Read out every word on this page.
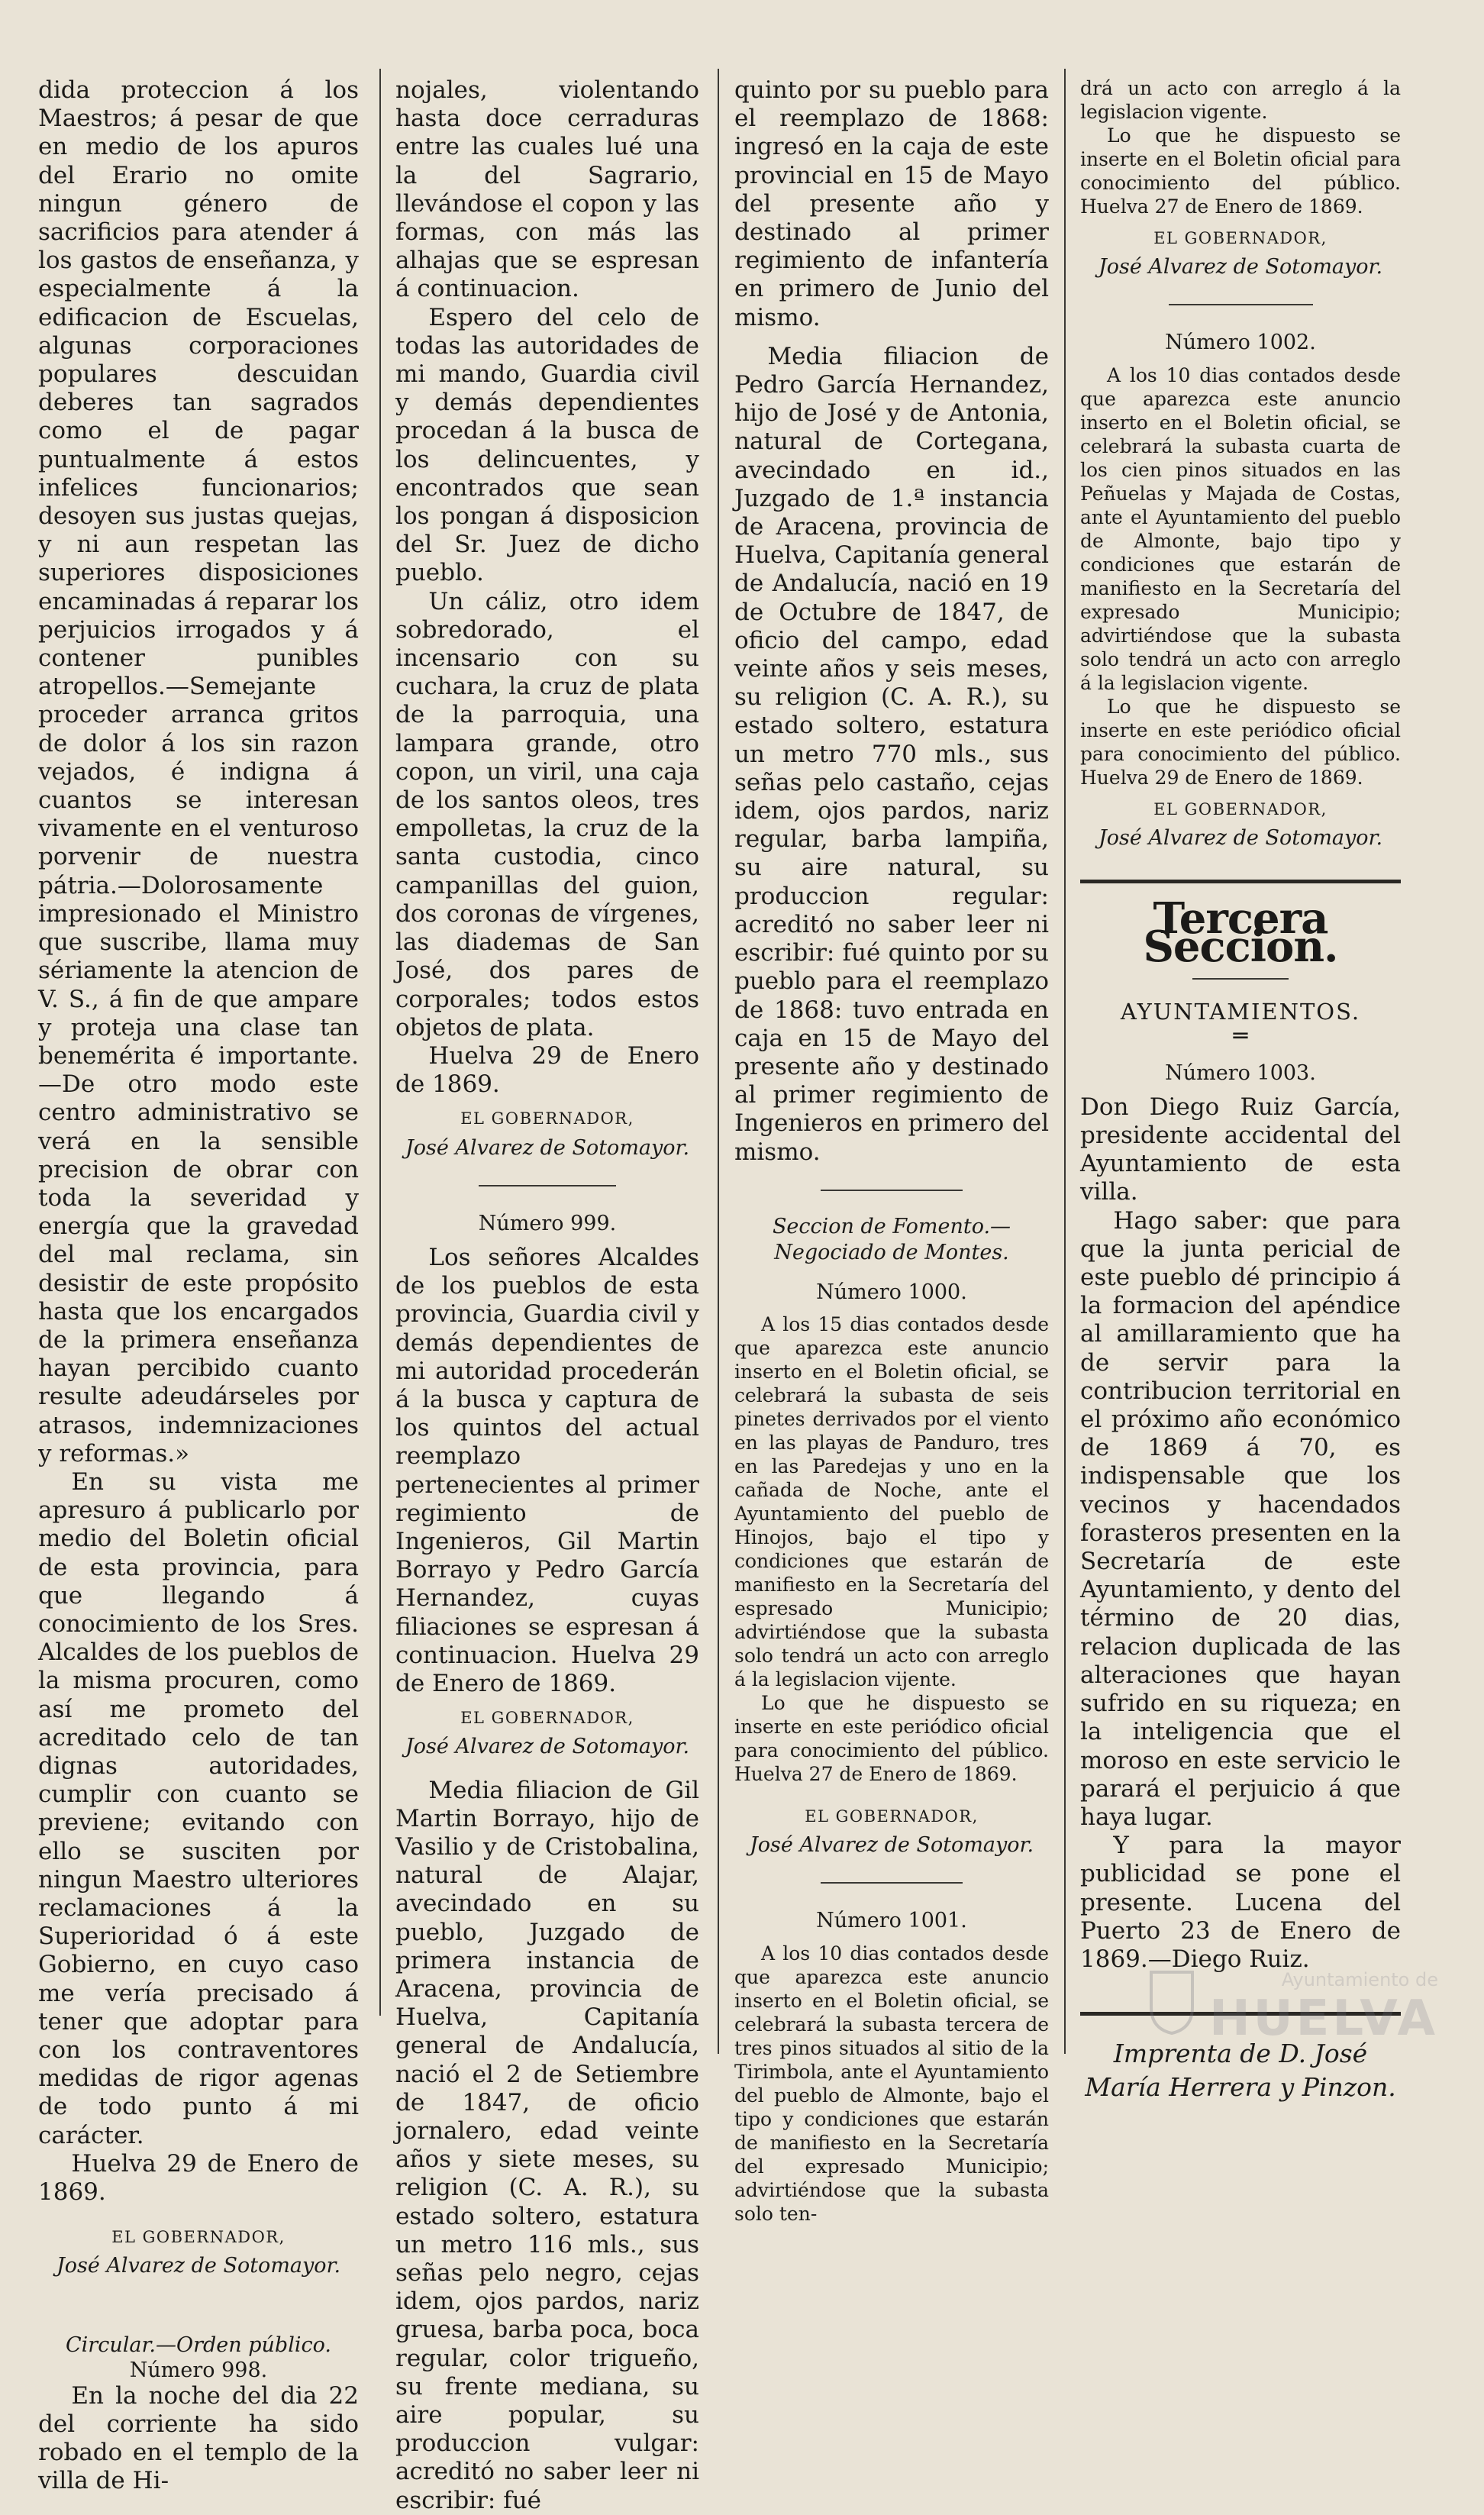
dida proteccion á los Maestros; á pesar de que en medio de los apuros del Erario no omite ningun género de sacrificios para atender á los gastos de enseñanza, y especialmente á la edificacion de Escuelas, algunas corporaciones populares descuidan deberes tan sagrados como el de pagar puntualmente á estos infelices funcionarios; desoyen sus justas quejas, y ni aun respetan las superiores disposiciones encaminadas á reparar los perjuicios irrogados y á contener punibles atropellos.—Semejante proceder arranca gritos de dolor á los sin razon vejados, é indigna á cuantos se interesan vivamente en el venturoso porvenir de nuestra pátria.—Dolorosamente impresionado el Ministro que suscribe, llama muy sériamente la atencion de V. S., á fin de que ampare y proteja una clase tan benemérita é importante.—De otro modo este centro administrativo se verá en la sensible precision de obrar con toda la severidad y energía que la gravedad del mal reclama, sin desistir de este propósito hasta que los encargados de la primera enseñanza hayan percibido cuanto resulte adeudárseles por atrasos, indemnizaciones y reformas.»

En su vista me apresuro á publicarlo por medio del Boletin oficial de esta provincia, para que llegando á conocimiento de los Sres. Alcaldes de los pueblos de la misma procuren, como así me prometo del acreditado celo de tan dignas autoridades, cumplir con cuanto se previene; evitando con ello se susciten por ningun Maestro ulteriores reclamaciones á la Superioridad ó á este Gobierno, en cuyo caso me vería precisado á tener que adoptar para con los contraventores medidas de rigor agenas de todo punto á mi carácter.

Huelva 29 de Enero de 1869.

EL GOBERNADOR,

José Alvarez de Sotomayor.

Circular.—Orden público.

Número 998.

En la noche del dia 22 del corriente ha sido robado en el templo de la villa de Hi-

nojales, violentando hasta doce cerraduras entre las cuales lué una la del Sagrario, llevándose el copon y las formas, con más las alhajas que se espresan á continuacion.

Espero del celo de todas las autoridades de mi mando, Guardia civil y demás dependientes procedan á la busca de los delincuentes, y encontrados que sean los pongan á disposicion del Sr. Juez de dicho pueblo.

Un cáliz, otro idem sobredorado, el incensario con su cuchara, la cruz de plata de la parroquia, una lampara grande, otro copon, un viril, una caja de los santos oleos, tres empolletas, la cruz de la santa custodia, cinco campanillas del guion, dos coronas de vírgenes, las diademas de San José, dos pares de corporales; todos estos objetos de plata.

Huelva 29 de Enero de 1869.

EL GOBERNADOR,

José Alvarez de Sotomayor.

Número 999.

Los señores Alcaldes de los pueblos de esta provincia, Guardia civil y demás dependientes de mi autoridad procederán á la busca y captura de los quintos del actual reemplazo pertenecientes al primer regimiento de Ingenieros, Gil Martin Borrayo y Pedro García Hernandez, cuyas filiaciones se espresan á continuacion. Huelva 29 de Enero de 1869.

EL GOBERNADOR,

José Alvarez de Sotomayor.

Media filiacion de Gil Martin Borrayo, hijo de Vasilio y de Cristobalina, natural de Alajar, avecindado en su pueblo, Juzgado de primera instancia de Aracena, provincia de Huelva, Capitanía general de Andalucía, nació el 2 de Setiembre de 1847, de oficio jornalero, edad veinte años y siete meses, su religion (C. A. R.), su estado soltero, estatura un metro 116 mls., sus señas pelo negro, cejas idem, ojos pardos, nariz gruesa, barba poca, boca regular, color trigueño, su frente mediana, su aire popular, su produccion vulgar: acreditó no saber leer ni escribir: fué

quinto por su pueblo para el reemplazo de 1868: ingresó en la caja de este provincial en 15 de Mayo del presente año y destinado al primer regimiento de infantería en primero de Junio del mismo.

Media filiacion de Pedro García Hernandez, hijo de José y de Antonia, natural de Cortegana, avecindado en id., Juzgado de 1.ª instancia de Aracena, provincia de Huelva, Capitanía general de Andalucía, nació en 19 de Octubre de 1847, de oficio del campo, edad veinte años y seis meses, su religion (C. A. R.), su estado soltero, estatura un metro 770 mls., sus señas pelo castaño, cejas idem, ojos pardos, nariz regular, barba lampiña, su aire natural, su produccion regular: acreditó no saber leer ni escribir: fué quinto por su pueblo para el reemplazo de 1868: tuvo entrada en caja en 15 de Mayo del presente año y destinado al primer regimiento de Ingenieros en primero del mismo.

Seccion de Fomento.—Negociado de Montes.

Número 1000.

A los 15 dias contados desde que aparezca este anuncio inserto en el Boletin oficial, se celebrará la subasta de seis pinetes derrivados por el viento en las playas de Panduro, tres en las Paredejas y uno en la cañada de Noche, ante el Ayuntamiento del pueblo de Hinojos, bajo el tipo y condiciones que estarán de manifiesto en la Secretaría del espresado Municipio; advirtiéndose que la subasta solo tendrá un acto con arreglo á la legislacion vijente.

Lo que he dispuesto se inserte en este periódico oficial para conocimiento del público. Huelva 27 de Enero de 1869.

EL GOBERNADOR,

José Alvarez de Sotomayor.

Número 1001.

A los 10 dias contados desde que aparezca este anuncio inserto en el Boletin oficial, se celebrará la subasta tercera de tres pinos situados al sitio de la Tirimbola, ante el Ayuntamiento del pueblo de Almonte, bajo el tipo y condiciones que estarán de manifiesto en la Secretaría del expresado Municipio; advirtiéndose que la subasta solo ten-

drá un acto con arreglo á la legislacion vigente.

Lo que he dispuesto se inserte en el Boletin oficial para conocimiento del público. Huelva 27 de Enero de 1869.

EL GOBERNADOR,

José Alvarez de Sotomayor.

Número 1002.

A los 10 dias contados desde que aparezca este anuncio inserto en el Boletin oficial, se celebrará la subasta cuarta de los cien pinos situados en las Peñuelas y Majada de Costas, ante el Ayuntamiento del pueblo de Almonte, bajo tipo y condiciones que estarán de manifiesto en la Secretaría del expresado Municipio; advirtiéndose que la subasta solo tendrá un acto con arreglo á la legislacion vigente.

Lo que he dispuesto se inserte en este periódico oficial para conocimiento del público. Huelva 29 de Enero de 1869.

EL GOBERNADOR,

José Alvarez de Sotomayor.

Tercera Seccion.

AYUNTAMIENTOS.

═

Número 1003.

Don Diego Ruiz García, presidente accidental del Ayuntamiento de esta villa.

Hago saber: que para que la junta pericial de este pueblo dé principio á la formacion del apéndice al amillaramiento que ha de servir para la contribucion territorial en el próximo año económico de 1869 á 70, es indispensable que los vecinos y hacendados forasteros presenten en la Secretaría de este Ayuntamiento, y dento del término de 20 dias, relacion duplicada de las alteraciones que hayan sufrido en su riqueza; en la inteligencia que el moroso en este servicio le parará el perjuicio á que haya lugar.

Y para la mayor publicidad se pone el presente. Lucena del Puerto 23 de Enero de 1869.—Diego Ruiz.

Imprenta de D. José María Herrera y Pinzon.

Ayuntamiento de
HUELVA
